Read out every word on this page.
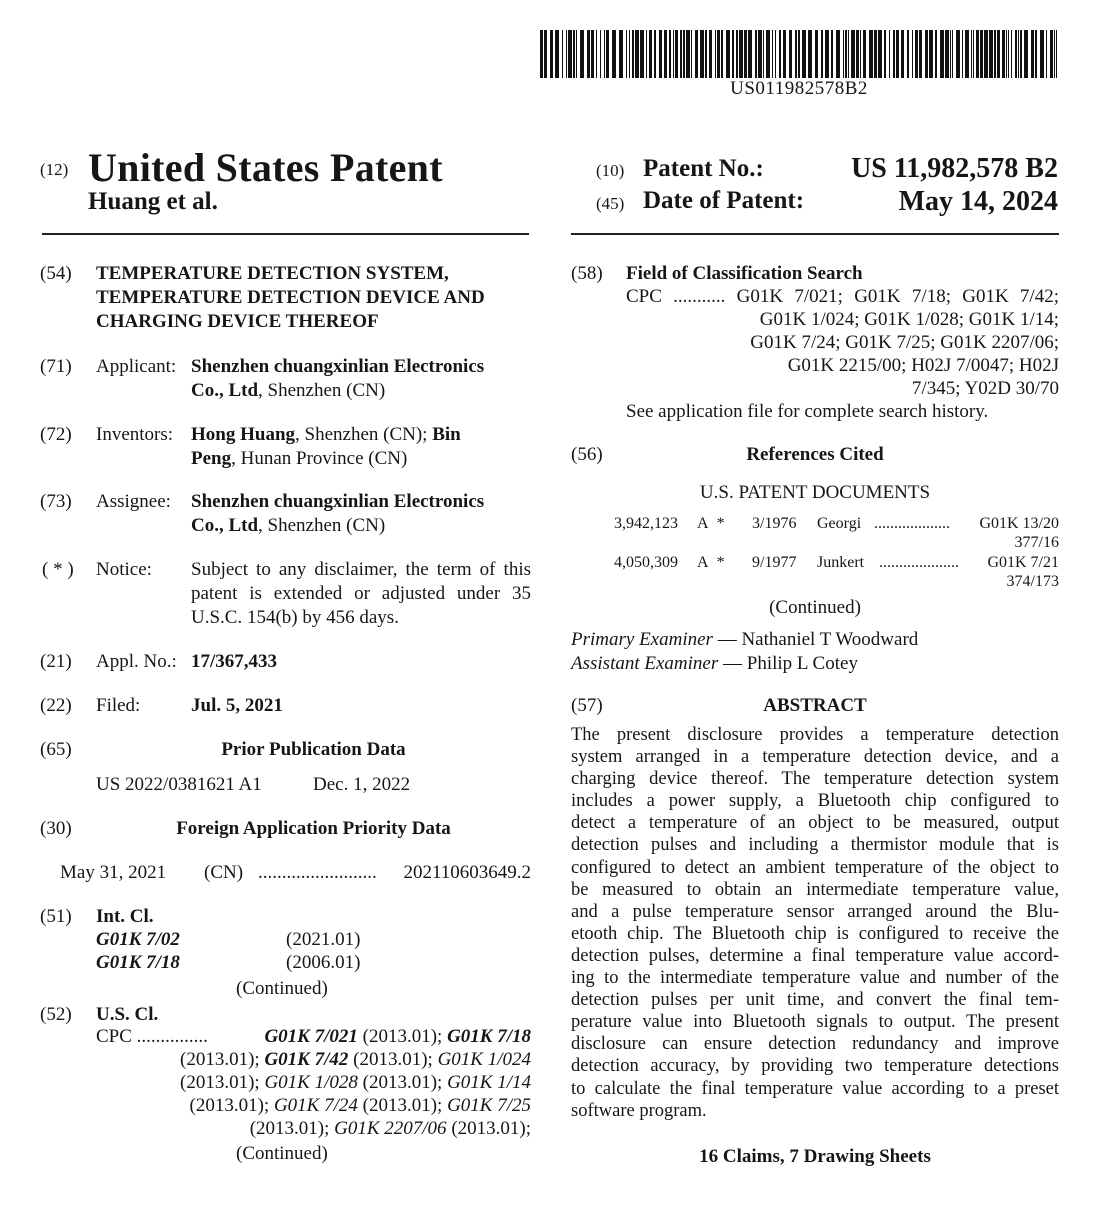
US011982578B2
(12) United States Patent
Huang et al.
(10) Patent No.:	US 11,982,578 B2
(45) Date of Patent:	May 14, 2024
(54) TEMPERATURE DETECTION SYSTEM,
TEMPERATURE DETECTION DEVICE AND
CHARGING DEVICE THEREOF
(71) Applicant: Shenzhen chuangxinlian Electronics
Co., Ltd, Shenzhen (CN)
(72) Inventors: Hong Huang, Shenzhen (CN); Bin
Peng, Hunan Province (CN)
(73) Assignee: Shenzhen chuangxinlian Electronics
Co., Ltd, Shenzhen (CN)
( * ) Notice: Subject to any disclaimer, the term of this
patent is extended or adjusted under 35
U.S.C. 154(b) by 456 days.
(21) Appl. No.: 17/367,433
(22) Filed:	Jul. 5, 2021
(65)	Prior Publication Data
US 2022/0381621 A1	Dec. 1, 2022
(30)	Foreign Application Priority Data
May 31, 2021 (CN) .........................	202110603649.2
(51) Int. Cl.
G01K 7/02	(2021.01)
G01K 7/18	(2006.01)
(Continued)
(52) U.S. Cl.
CPC ...............	G01K 7/021 (2013.01); G01K 7/18
(2013.01); G01K 7/42 (2013.01); G01K 1/024
(2013.01); G01K 1/028 (2013.01); G01K 1/14
(2013.01); G01K 7/24 (2013.01); G01K 7/25
(2013.01); G01K 2207/06 (2013.01);
(Continued)
(58) Field of Classification Search
CPC ........... G01K 7/021; G01K 7/18; G01K 7/42;
G01K 1/024; G01K 1/028; G01K 1/14;
G01K 7/24; G01K 7/25; G01K 2207/06;
G01K 2215/00; H02J 7/0047; H02J
7/345; Y02D 30/70
See application file for complete search history.
(56)	References Cited
U.S. PATENT DOCUMENTS
3,942,123 A * 3/1976 Georgi ...................	G01K 13/20
377/16
4,050,309 A * 9/1977 Junkert ....................	G01K 7/21
374/173
(Continued)
Primary Examiner — Nathaniel T Woodward
Assistant Examiner — Philip L Cotey
(57)	ABSTRACT
The present disclosure provides a temperature detection
system arranged in a temperature detection device, and a
charging device thereof. The temperature detection system
includes a power supply, a Bluetooth chip configured to
detect a temperature of an object to be measured, output
detection pulses and including a thermistor module that is
configured to detect an ambient temperature of the object to
be measured to obtain an intermediate temperature value,
and a pulse temperature sensor arranged around the Blu-
etooth chip. The Bluetooth chip is configured to receive the
detection pulses, determine a final temperature value accord-
ing to the intermediate temperature value and number of the
detection pulses per unit time, and convert the final tem-
perature value into Bluetooth signals to output. The present
disclosure can ensure detection redundancy and improve
detection accuracy, by providing two temperature detections
to calculate the final temperature value according to a preset
software program.
16 Claims, 7 Drawing Sheets
